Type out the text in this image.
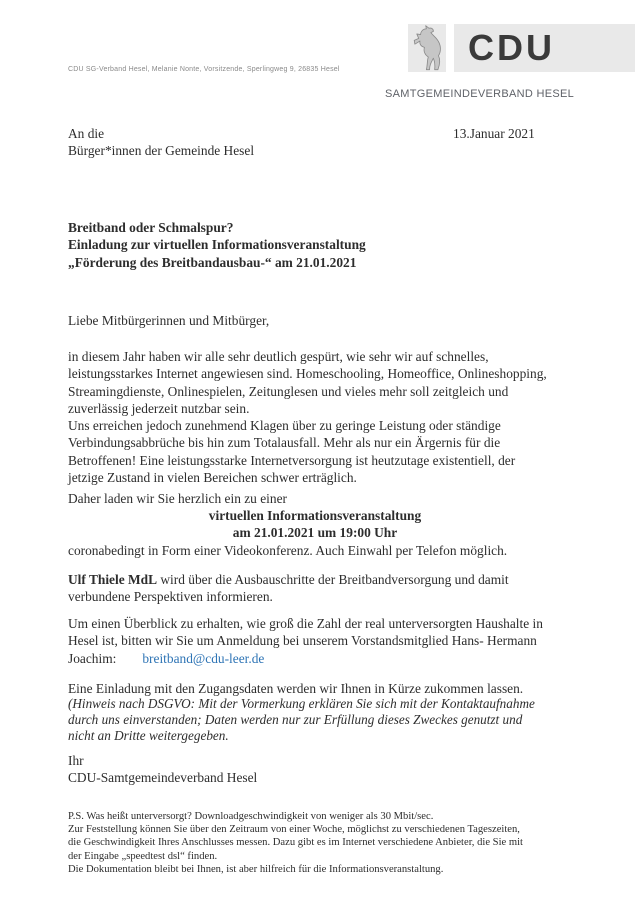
CDU SG-Verband Hesel, Melanie Nonte, Vorsitzende, Sperlingweg 9, 26835 Hesel
CDU
SAMTGEMEINDEVERBAND HESEL
An die
Bürger*innen der Gemeinde Hesel
13.Januar 2021
Breitband oder Schmalspur?
Einladung zur virtuellen Informationsveranstaltung
„Förderung des Breitbandausbau-“ am 21.01.2021
Liebe Mitbürgerinnen und Mitbürger,
in diesem Jahr haben wir alle sehr deutlich gespürt, wie sehr wir auf schnelles,
leistungsstarkes Internet angewiesen sind. Homeschooling, Homeoffice, Onlineshopping,
Streamingdienste, Onlinespielen, Zeitunglesen und vieles mehr soll zeitgleich und
zuverlässig jederzeit nutzbar sein.
Uns erreichen jedoch zunehmend Klagen über zu geringe Leistung oder ständige
Verbindungsabbrüche bis hin zum Totalausfall. Mehr als nur ein Ärgernis für die
Betroffenen! Eine leistungsstarke Internetversorgung ist heutzutage existentiell, der
jetzige Zustand in vielen Bereichen schwer erträglich.
Daher laden wir Sie herzlich ein zu einer
virtuellen Informationsveranstaltung
am 21.01.2021 um 19:00 Uhr
coronabedingt in Form einer Videokonferenz. Auch Einwahl per Telefon möglich.
Ulf Thiele MdL wird über die Ausbauschritte der Breitbandversorgung und damit
verbundene Perspektiven informieren.
Um einen Überblick zu erhalten, wie groß die Zahl der real unterversorgten Haushalte in
Hesel ist, bitten wir Sie um Anmeldung bei unserem Vorstandsmitglied Hans- Hermann
Joachim: breitband@cdu-leer.de
Eine Einladung mit den Zugangsdaten werden wir Ihnen in Kürze zukommen lassen.
(Hinweis nach DSGVO: Mit der Vormerkung erklären Sie sich mit der Kontaktaufnahme
durch uns einverstanden; Daten werden nur zur Erfüllung dieses Zweckes genutzt und
nicht an Dritte weitergegeben.
Ihr
CDU-Samtgemeindeverband Hesel
P.S. Was heißt unterversorgt? Downloadgeschwindigkeit von weniger als 30 Mbit/sec.
Zur Feststellung können Sie über den Zeitraum von einer Woche, möglichst zu verschiedenen Tageszeiten,
die Geschwindigkeit Ihres Anschlusses messen. Dazu gibt es im Internet verschiedene Anbieter, die Sie mit
der Eingabe „speedtest dsl“ finden.
Die Dokumentation bleibt bei Ihnen, ist aber hilfreich für die Informationsveranstaltung.
